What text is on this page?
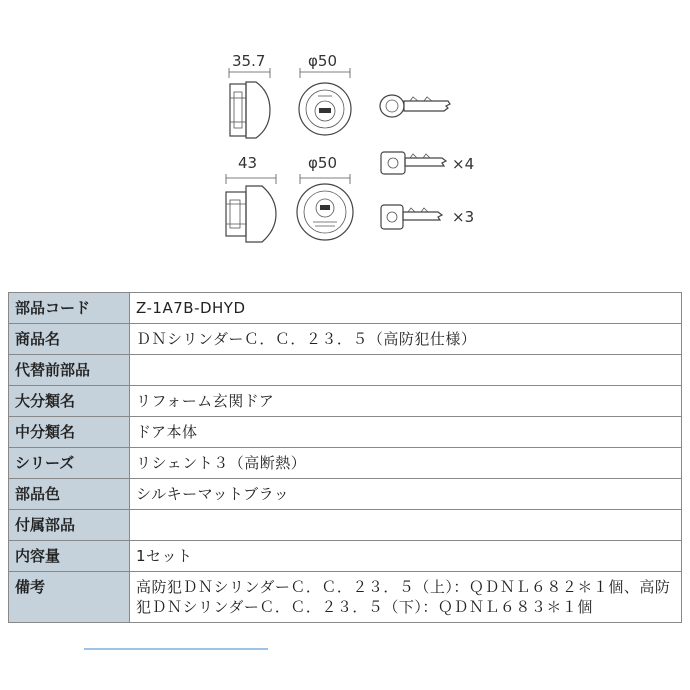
35.7	φ50
43	φ50	×4
×3
部品コード	Z-1A7B-DHYD
商品名	ＤＮシリンダーＣ．Ｃ．２３．５（高防犯仕様）
代替前部品	
大分類名	リフォーム玄関ドア
中分類名	ドア本体
シリーズ	リシェント３（高断熱）
部品色	シルキーマットブラッ
付属部品	
内容量	1セット
備考	高防犯ＤＮシリンダーＣ．Ｃ．２３．５（上）：ＱＤＮＬ６８２＊１個、高防犯ＤＮシリンダーＣ．Ｃ．２３．５（下）：ＱＤＮＬ６８３＊１個
